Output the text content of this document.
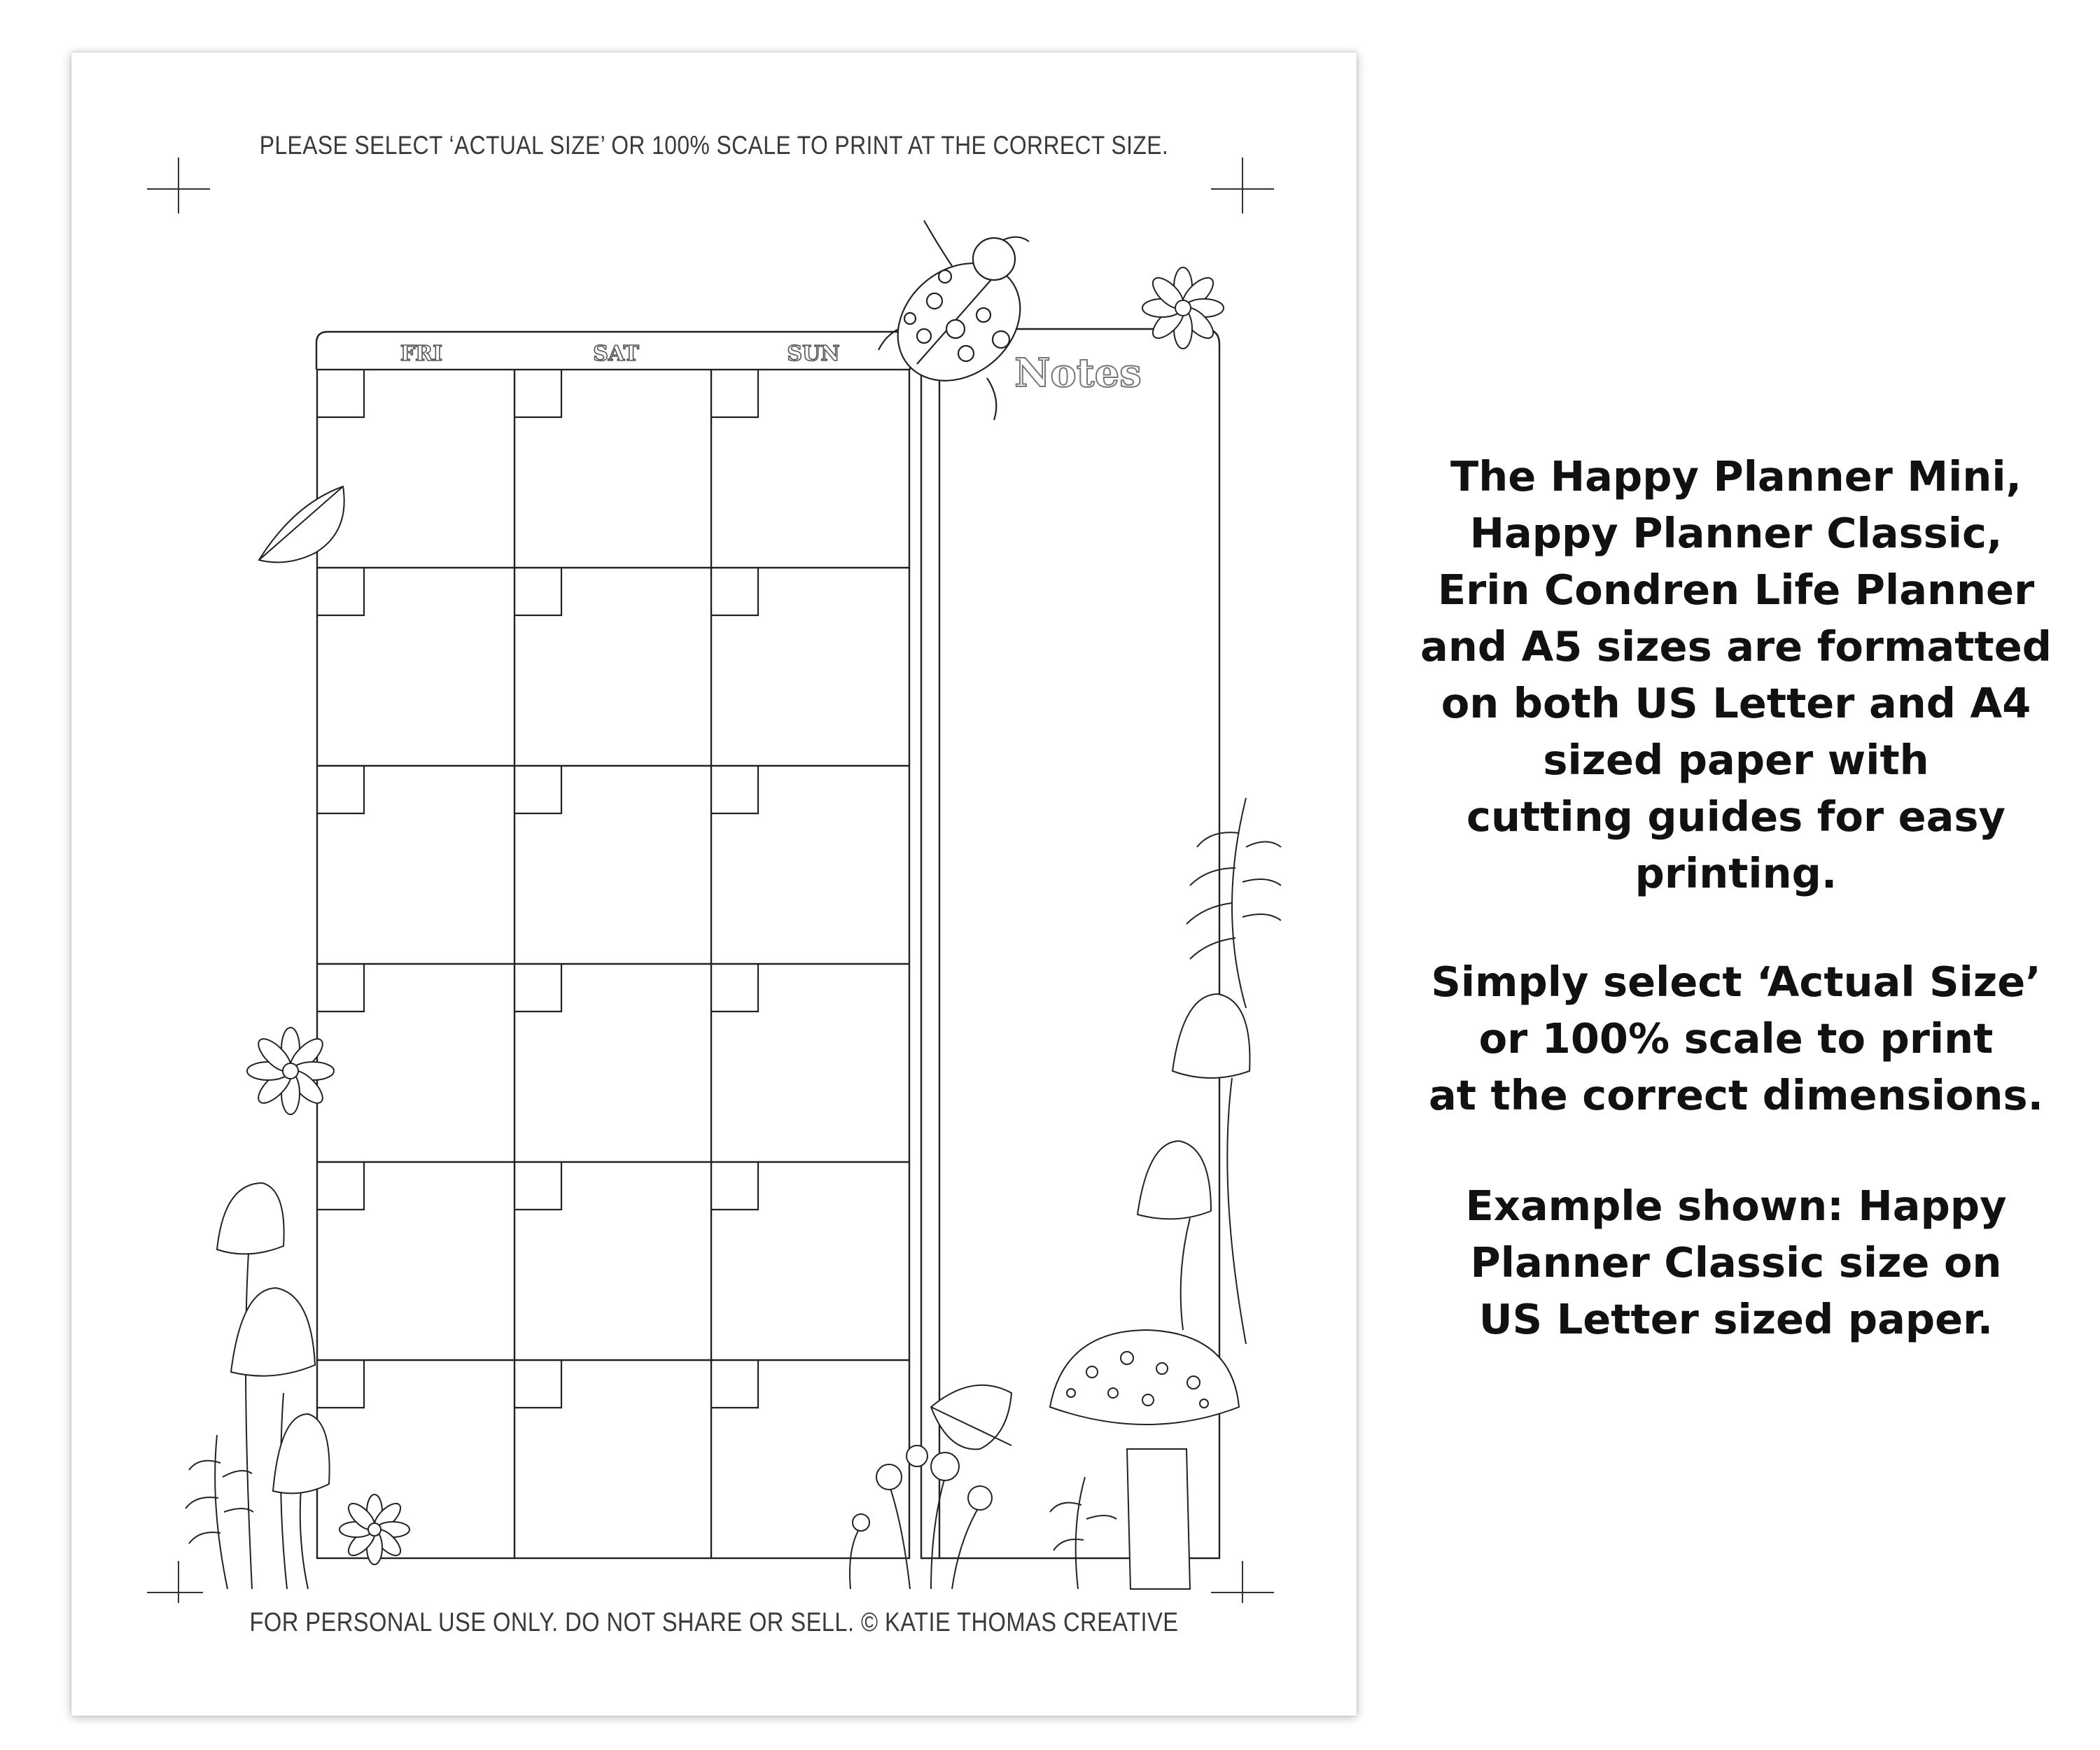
PLEASE SELECT ‘ACTUAL SIZE’ OR 100% SCALE TO PRINT AT THE CORRECT SIZE.
FOR PERSONAL USE ONLY. DO NOT SHARE OR SELL. © KATIE THOMAS CREATIVE
FRI	SAT	SUN	Notes
The Happy Planner Mini,
Happy Planner Classic,
Erin Condren Life Planner
and A5 sizes are formatted
on both US Letter and A4
sized paper with
cutting guides for easy
printing.
Simply select ‘Actual Size’
or 100% scale to print
at the correct dimensions.
Example shown: Happy
Planner Classic size on
US Letter sized paper.
